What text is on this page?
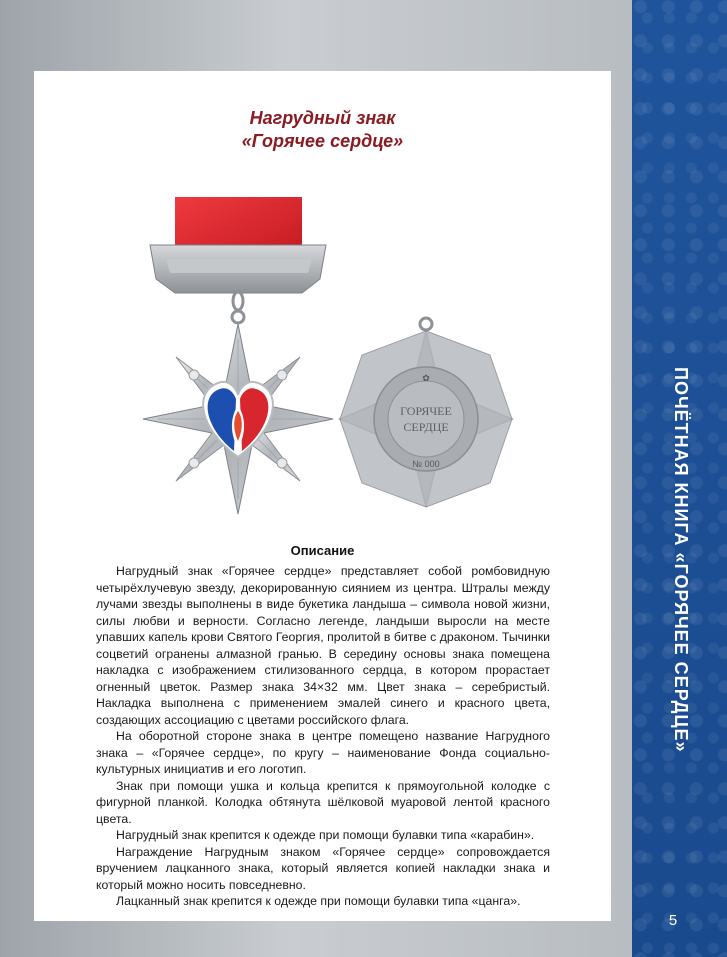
ПОЧЁТНАЯ КНИГА «ГОРЯЧЕЕ СЕРДЦЕ»
5
Нагрудный знак
«Горячее сердце»
✿
ГОРЯЧЕЕ
СЕРДЦЕ
№ 000
Описание

Нагрудный знак «Горячее сердце» представляет собой ромбовидную четырёхлучевую звезду, декорированную сиянием из центра. Штралы между лучами звезды выполнены в виде букетика ландыша – символа новой жизни, силы любви и верности. Согласно легенде, ландыши выросли на месте упавших капель крови Святого Георгия, пролитой в битве с драконом. Тычинки соцветий огранены алмазной гранью. В середину основы знака помещена накладка с изображением стилизованного сердца, в котором прорастает огненный цветок. Размер знака 34×32 мм. Цвет знака – серебристый. Накладка выполнена с применением эмалей синего и красного цвета, создающих ассоциацию с цветами российского флага.

На оборотной стороне знака в центре помещено название Нагрудного знака – «Горячее сердце», по кругу – наименование Фонда социально-культурных инициатив и его логотип.

Знак при помощи ушка и кольца крепится к прямоугольной колодке с фигурной планкой. Колодка обтянута шёлковой муаровой лентой красного цвета.

Нагрудный знак крепится к одежде при помощи булавки типа «карабин».

Награждение Нагрудным знаком «Горячее сердце» сопровождается вручением лацканного знака, который является копией накладки знака и который можно носить повседневно.

Лацканный знак крепится к одежде при помощи булавки типа «цанга».
